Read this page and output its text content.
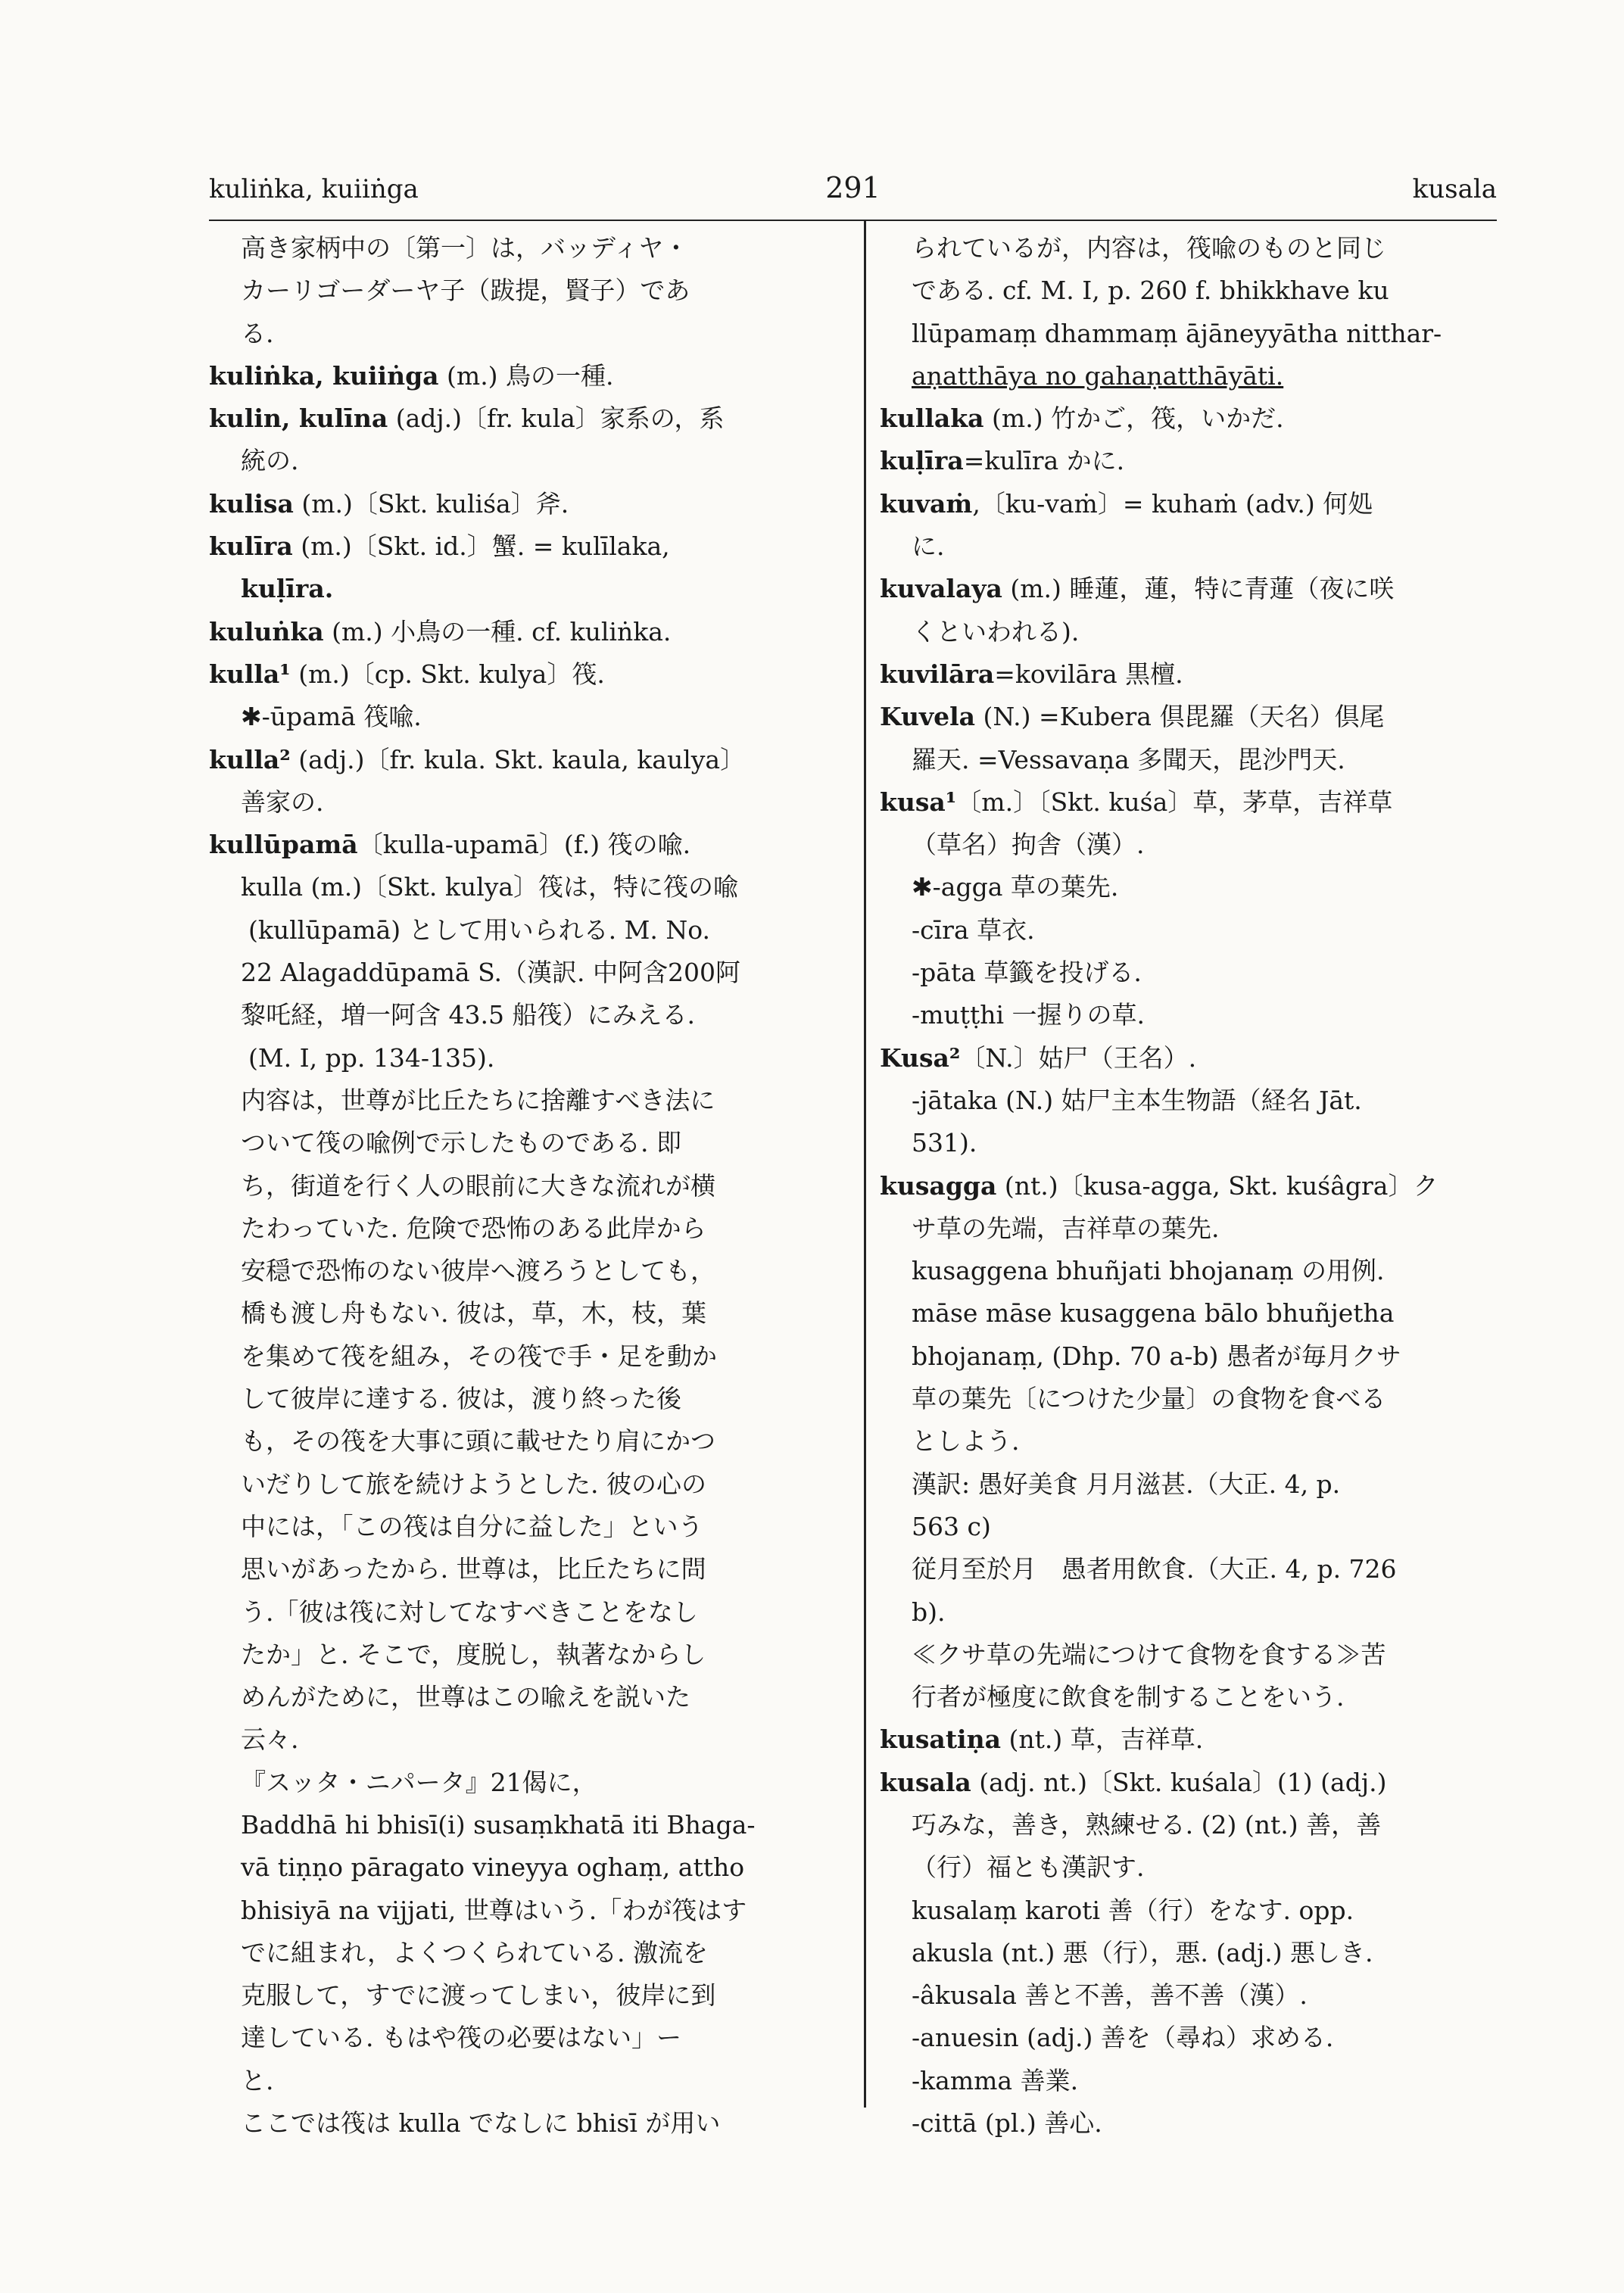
kuliṅka, kuiiṅga	291	kusala
高き家柄中の〔第一〕は，バッディヤ・
カーリゴーダーヤ子（跋提，賢子）であ
る.
kuliṅka, kuiiṅga (m.) 鳥の一種.
kulin, kulīna (adj.)〔fr. kula〕家系の，系
統の.
kulisa (m.)〔Skt. kuliśa〕斧.
kulīra (m.)〔Skt. id.〕蟹. = kulīlaka,
kuḷīra.
kuluṅka (m.) 小鳥の一種. cf. kuliṅka.
kulla¹ (m.)〔cp. Skt. kulya〕筏.
✱-ūpamā 筏喩.
kulla² (adj.)〔fr. kula. Skt. kaula, kaulya〕
善家の.
kullūpamā〔kulla-upamā〕(f.) 筏の喩.
kulla (m.)〔Skt. kulya〕筏は，特に筏の喩
(kullūpamā) として用いられる. M. No.
22 Alagaddūpamā S.（漢訳. 中阿含200阿
黎吒経，増一阿含 43.5 船筏）にみえる.
(M. I, pp. 134-135).
内容は，世尊が比丘たちに捨離すべき法に
ついて筏の喩例で示したものである. 即
ち，街道を行く人の眼前に大きな流れが横
たわっていた. 危険で恐怖のある此岸から
安穏で恐怖のない彼岸へ渡ろうとしても，
橋も渡し舟もない. 彼は，草，木，枝，葉
を集めて筏を組み，その筏で手・足を動か
して彼岸に達する. 彼は，渡り終った後
も，その筏を大事に頭に載せたり肩にかつ
いだりして旅を続けようとした. 彼の心の
中には，「この筏は自分に益した」という
思いがあったから. 世尊は，比丘たちに問
う.「彼は筏に対してなすべきことをなし
たか」と. そこで，度脱し，執著なからし
めんがために，世尊はこの喩えを説いた
云々.
『スッタ・ニパータ』21偈に，
Baddhā hi bhisī(i) susaṃkhatā iti Bhaga-
vā tiṇṇo pāragato vineyya oghaṃ, attho
bhisiyā na vijjati, 世尊はいう.「わが筏はす
でに組まれ，よくつくられている. 激流を
克服して，すでに渡ってしまい，彼岸に到
達している. もはや筏の必要はない」ー
と.
ここでは筏は kulla でなしに bhisī が用い
られているが，内容は，筏喩のものと同じ
である. cf. M. I, p. 260 f. bhikkhave ku
llūpamaṃ dhammaṃ ājāneyyātha nitthar-
aṇatthāya no gahaṇatthāyāti.
kullaka (m.) 竹かご，筏，いかだ.
kuḷīra=kulīra かに.
kuvaṁ,〔ku-vaṁ〕= kuhaṁ (adv.) 何処
に.
kuvalaya (m.) 睡蓮，蓮，特に青蓮（夜に咲
くといわれる).
kuvilāra=kovilāra 黒檀.
Kuvela (N.) =Kubera 倶毘羅（天名）倶尾
羅天. =Vessavaṇa 多聞天，毘沙門天.
kusa¹〔m.〕〔Skt. kuśa〕草，茅草，吉祥草
（草名）拘舎（漢）.
✱-agga 草の葉先.
-cīra 草衣.
-pāta 草籤を投げる.
-muṭṭhi 一握りの草.
Kusa²〔N.〕姑尸（王名）.
-jātaka (N.) 姑尸主本生物語（経名 Jāt.
531).
kusagga (nt.)〔kusa-agga, Skt. kuśâgra〕ク
サ草の先端，吉祥草の葉先.
kusaggena bhuñjati bhojanaṃ の用例.
māse māse kusaggena bālo bhuñjetha
bhojanaṃ, (Dhp. 70 a-b) 愚者が毎月クサ
草の葉先〔につけた少量〕の食物を食べる
としよう.
漢訳: 愚好美食 月月滋甚.（大正. 4, p.
563 c)
従月至於月　愚者用飲食.（大正. 4, p. 726
b).
≪クサ草の先端につけて食物を食する≫苦
行者が極度に飲食を制することをいう.
kusatiṇa (nt.) 草，吉祥草.
kusala (adj. nt.)〔Skt. kuśala〕(1) (adj.)
巧みな，善き，熟練せる. (2) (nt.) 善，善
（行）福とも漢訳す.
kusalaṃ karoti 善（行）をなす. opp.
akusla (nt.) 悪（行），悪. (adj.) 悪しき.
-âkusala 善と不善，善不善（漢）.
-anuesin (adj.) 善を（尋ね）求める.
-kamma 善業.
-cittā (pl.) 善心.
